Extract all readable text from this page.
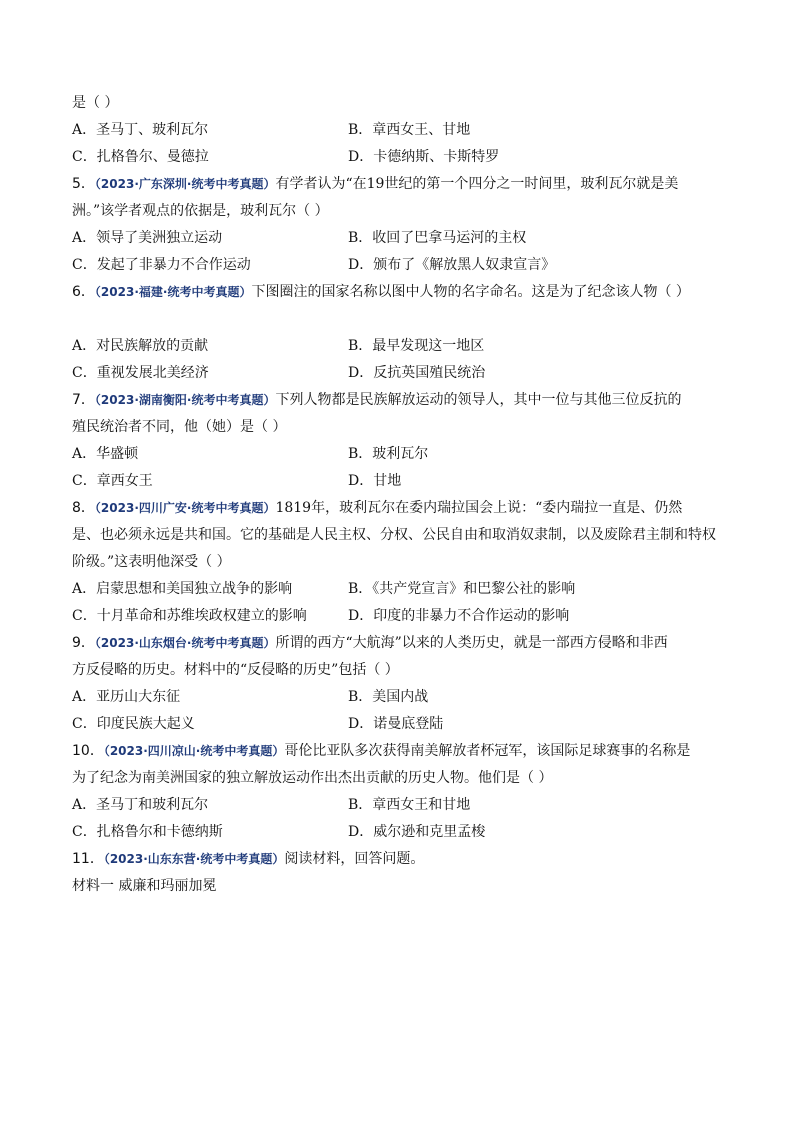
是（ ）
A．圣马丁、玻利瓦尔	B．章西女王、甘地
C．扎格鲁尔、曼德拉	D．卡德纳斯、卡斯特罗
5．（2023·广东深圳·统考中考真题）有学者认为“在19世纪的第一个四分之一时间里，玻利瓦尔就是美
洲。”该学者观点的依据是，玻利瓦尔（ ）
A．领导了美洲独立运动	B．收回了巴拿马运河的主权
C．发起了非暴力不合作运动	D．颁布了《解放黑人奴隶宣言》
6．（2023·福建·统考中考真题）下图圈注的国家名称以图中人物的名字命名。这是为了纪念该人物（ ）
A．对民族解放的贡献	B．最早发现这一地区
C．重视发展北美经济	D．反抗英国殖民统治
7．（2023·湖南衡阳·统考中考真题）下列人物都是民族解放运动的领导人，其中一位与其他三位反抗的
殖民统治者不同，他（她）是（ ）
A．华盛顿	B．玻利瓦尔
C．章西女王	D．甘地
8．（2023·四川广安·统考中考真题）1819年，玻利瓦尔在委内瑞拉国会上说：“委内瑞拉一直是、仍然
是、也必须永远是共和国。它的基础是人民主权、分权、公民自由和取消奴隶制，以及废除君主制和特权
阶级。”这表明他深受（ ）
A．启蒙思想和美国独立战争的影响	B．《共产党宣言》和巴黎公社的影响
C．十月革命和苏维埃政权建立的影响	D．印度的非暴力不合作运动的影响
9．（2023·山东烟台·统考中考真题）所谓的西方“大航海”以来的人类历史，就是一部西方侵略和非西
方反侵略的历史。材料中的“反侵略的历史”包括（ ）
A．亚历山大东征	B．美国内战
C．印度民族大起义	D．诺曼底登陆
10．（2023·四川凉山·统考中考真题）哥伦比亚队多次获得南美解放者杯冠军，该国际足球赛事的名称是
为了纪念为南美洲国家的独立解放运动作出杰出贡献的历史人物。他们是（ ）
A．圣马丁和玻利瓦尔	B．章西女王和甘地
C．扎格鲁尔和卡德纳斯	D．威尔逊和克里孟梭
11．（2023·山东东营·统考中考真题）阅读材料，回答问题。
材料一 威廉和玛丽加冕
